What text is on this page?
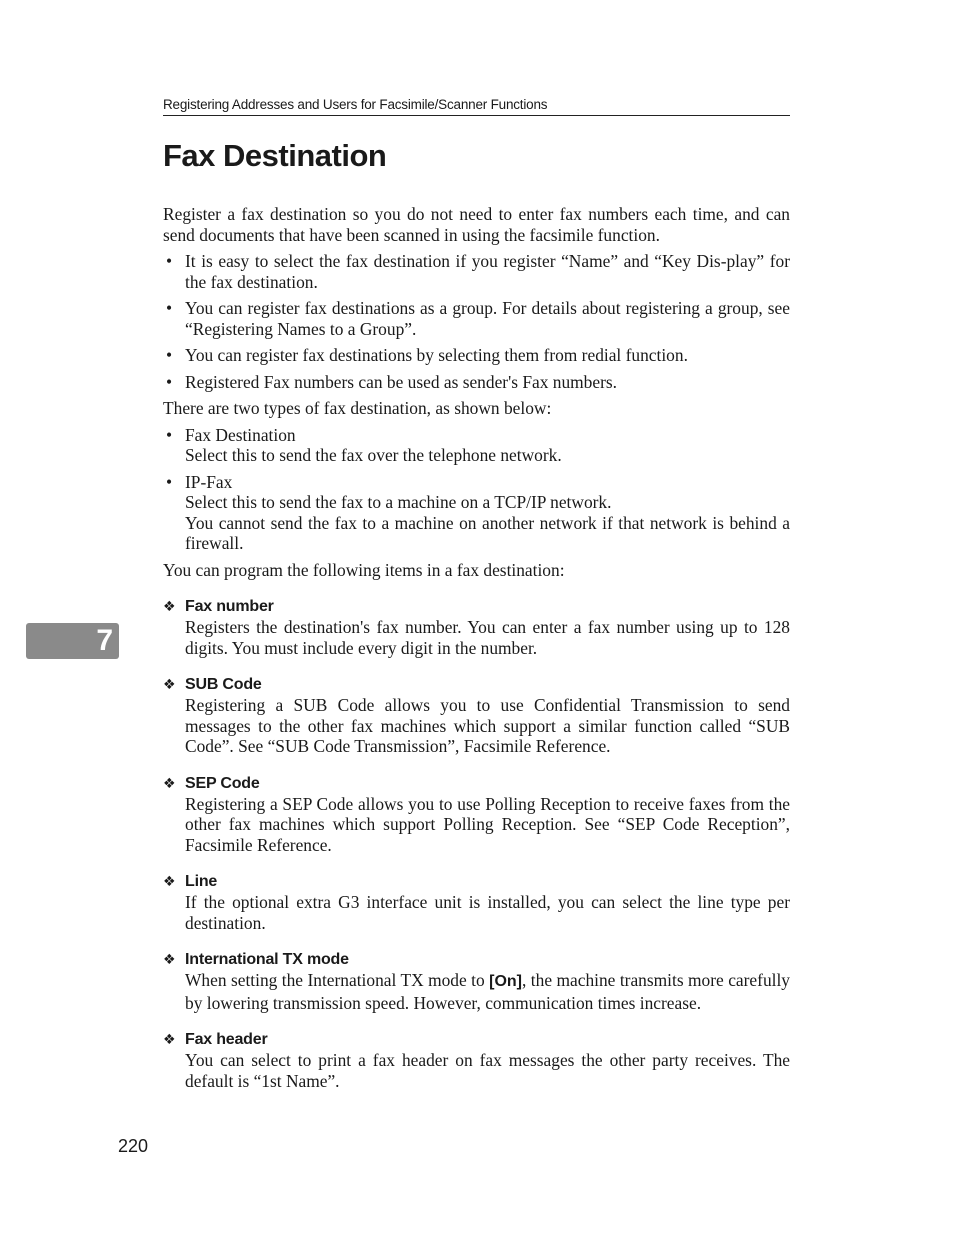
Registering Addresses and Users for Facsimile/Scanner Functions
Fax Destination

Register a fax destination so you do not need to enter fax numbers each time, and can send documents that have been scanned in using the facsimile function.

• It is easy to select the fax destination if you register “Name” and “Key Dis-play” for the fax destination.
• You can register fax destinations as a group. For details about registering a group, see “Registering Names to a Group”.
• You can register fax destinations by selecting them from redial function.
• Registered Fax numbers can be used as sender's Fax numbers.

There are two types of fax destination, as shown below:

• Fax Destination
Select this to send the fax over the telephone network.
• IP-Fax
Select this to send the fax to a machine on a TCP/IP network.
You cannot send the fax to a machine on another network if that network is behind a firewall.

You can program the following items in a fax destination:

❖ Fax number
Registers the destination's fax number. You can enter a fax number using up to 128 digits. You must include every digit in the number.
❖ SUB Code
Registering a SUB Code allows you to use Confidential Transmission to send messages to the other fax machines which support a similar function called “SUB Code”. See “SUB Code Transmission”, Facsimile Reference.
❖ SEP Code
Registering a SEP Code allows you to use Polling Reception to receive faxes from the other fax machines which support Polling Reception. See “SEP Code Reception”, Facsimile Reference.
❖ Line
If the optional extra G3 interface unit is installed, you can select the line type per destination.
❖ International TX mode
When setting the International TX mode to [On], the machine transmits more carefully by lowering transmission speed. However, communication times increase.
❖ Fax header
You can select to print a fax header on fax messages the other party receives. The default is “1st Name”.
7
220
